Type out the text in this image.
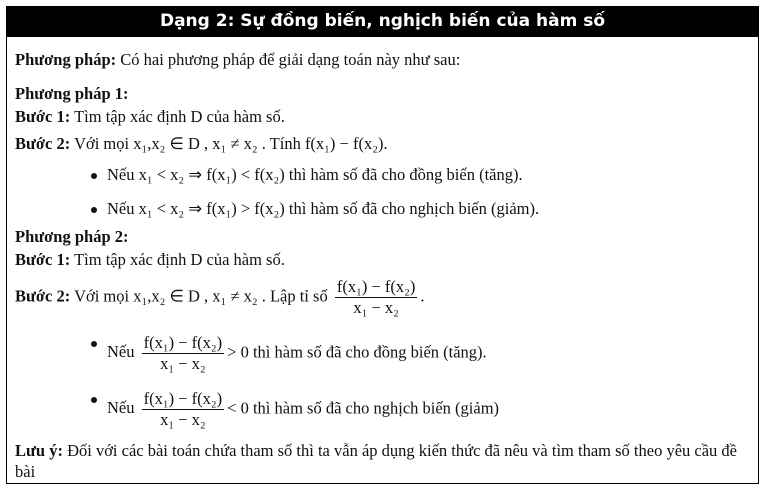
Dạng 2: Sự đồng biến, nghịch biến của hàm số
Phương pháp: Có hai phương pháp để giải dạng toán này như sau:
Phương pháp 1:
Bước 1: Tìm tập xác định D của hàm số.
Bước 2: Với mọi x₁,x₂ ∈ D , x₁ ≠ x₂ . Tính f(x₁) − f(x₂).
Nếu x₁ < x₂ ⇒ f(x₁) < f(x₂) thì hàm số đã cho đồng biến (tăng).
Nếu x₁ < x₂ ⇒ f(x₁) > f(x₂) thì hàm số đã cho nghịch biến (giảm).
Phương pháp 2:
Bước 1: Tìm tập xác định D của hàm số.
Bước 2: Với mọi x₁,x₂ ∈ D , x₁ ≠ x₂ . Lập tỉ số $\frac{\text{f(x₁) − f(x₂)}}{\text{x₁ − x₂}}$ .
Nếu $\frac{\text{f(x₁) − f(x₂)}}{\text{x₁ − x₂}} > 0$ thì hàm số đã cho đồng biến (tăng).
Nếu $\frac{\text{f(x₁) − f(x₂)}}{\text{x₁ − x₂}} < 0$ thì hàm số đã cho nghịch biến (giảm)
Lưu ý: Đối với các bài toán chứa tham số thì ta vẫn áp dụng kiến thức đã nêu và tìm tham số theo yêu cầu đề bài
